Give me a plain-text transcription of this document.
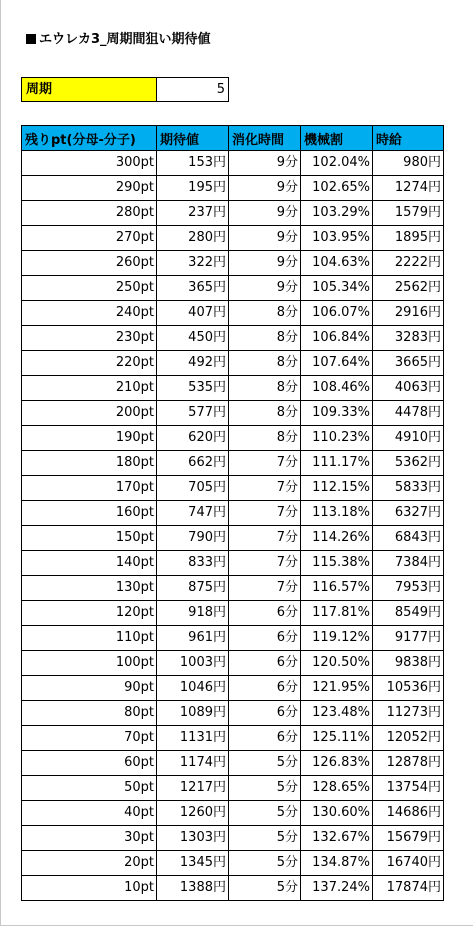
エウレカ3_周期間狙い期待値
周期	5
残りpt(分母-分子)	期待値	消化時間	機械割	時給
300pt	153円	9分	102.04%	980円
290pt	195円	9分	102.65%	1274円
280pt	237円	9分	103.29%	1579円
270pt	280円	9分	103.95%	1895円
260pt	322円	9分	104.63%	2222円
250pt	365円	9分	105.34%	2562円
240pt	407円	8分	106.07%	2916円
230pt	450円	8分	106.84%	3283円
220pt	492円	8分	107.64%	3665円
210pt	535円	8分	108.46%	4063円
200pt	577円	8分	109.33%	4478円
190pt	620円	8分	110.23%	4910円
180pt	662円	7分	111.17%	5362円
170pt	705円	7分	112.15%	5833円
160pt	747円	7分	113.18%	6327円
150pt	790円	7分	114.26%	6843円
140pt	833円	7分	115.38%	7384円
130pt	875円	7分	116.57%	7953円
120pt	918円	6分	117.81%	8549円
110pt	961円	6分	119.12%	9177円
100pt	1003円	6分	120.50%	9838円
90pt	1046円	6分	121.95%	10536円
80pt	1089円	6分	123.48%	11273円
70pt	1131円	6分	125.11%	12052円
60pt	1174円	5分	126.83%	12878円
50pt	1217円	5分	128.65%	13754円
40pt	1260円	5分	130.60%	14686円
30pt	1303円	5分	132.67%	15679円
20pt	1345円	5分	134.87%	16740円
10pt	1388円	5分	137.24%	17874円
